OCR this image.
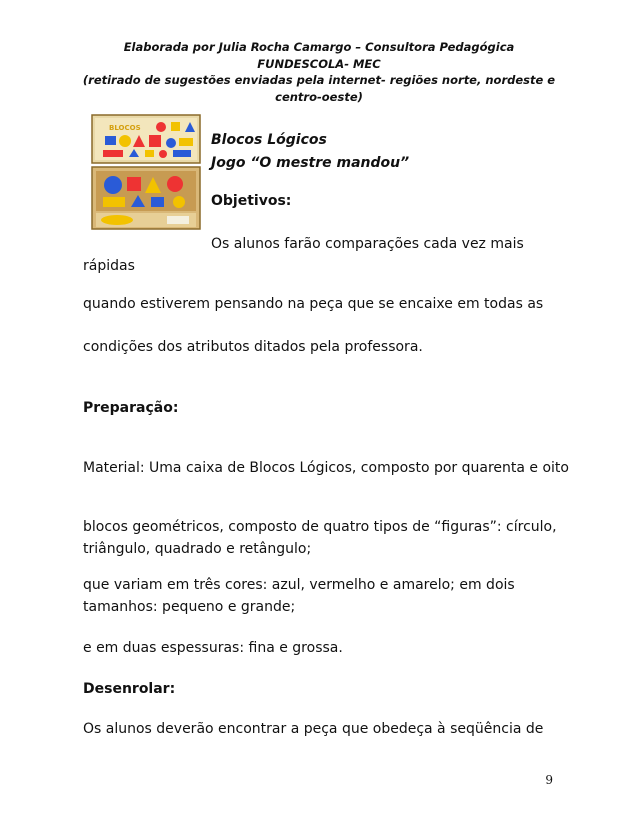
Elaborada por Julia Rocha Camargo – Consultora Pedagógica
FUNDESCOLA- MEC
(retirado de sugestões enviadas pela internet- regiões norte, nordeste e
centro-oeste)
BLOCOS
Blocos Lógicos
Jogo “O mestre mandou”
Objetivos:
Os alunos farão comparações cada vez mais
rápidas
quando estiverem pensando na peça que se encaixe em todas as
condições dos atributos ditados pela professora.
Preparação:
Material: Uma caixa de Blocos Lógicos, composto por quarenta e oito
blocos geométricos, composto de quatro tipos de “figuras”: círculo,
triângulo, quadrado e retângulo;
que variam em três cores: azul, vermelho e amarelo; em dois
tamanhos: pequeno e grande;
e em duas espessuras: fina e grossa.
Desenrolar:
Os alunos deverão encontrar a peça que obedeça à seqüência de
9
